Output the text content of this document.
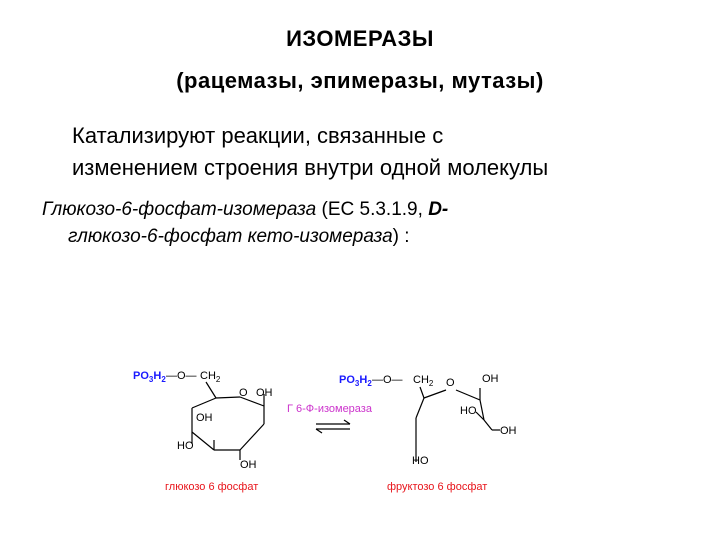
ИЗОМЕРАЗЫ
(рацемазы, эпимеразы, мутазы)
Катализируют реакции, связанные с
изменением строения внутри одной молекулы
Глюкозо-6-фосфат-изомераза (ЕС 5.3.1.9, D-
глюкозо-6-фосфат кето-изомераза) :
$PO_3H_2$ —O— $CH_2$
O OH
OH
HO
OH
глюкозо 6 фосфат
Г 6-Ф-изомераза
$PO_3H_2$ —O— $CH_2$ O OH
HO
OH
HO
фруктозо 6 фосфат
